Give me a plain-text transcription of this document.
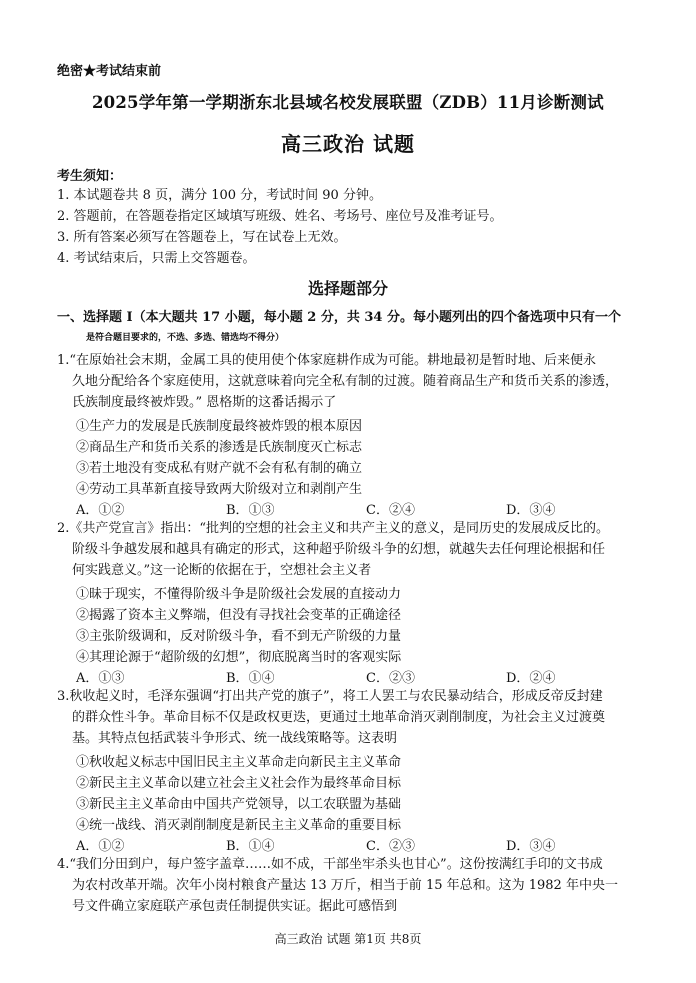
绝密★考试结束前
2025学年第一学期浙东北县域名校发展联盟（ZDB）11月诊断测试
高三政治 试题
考生须知：
1. 本试题卷共 8 页，满分 100 分，考试时间 90 分钟。
2. 答题前，在答题卷指定区域填写班级、姓名、考场号、座位号及准考证号。
3. 所有答案必须写在答题卷上，写在试卷上无效。
4. 考试结束后，只需上交答题卷。
选择题部分
一、选择题 Ⅰ（本大题共 17 小题，每小题 2 分，共 34 分。每小题列出的四个备选项中只有一个
是符合题目要求的，不选、多选、错选均不得分）
1.“在原始社会末期，金属工具的使用使个体家庭耕作成为可能。耕地最初是暂时地、后来便永
久地分配给各个家庭使用，这就意味着向完全私有制的过渡。随着商品生产和货币关系的渗透，
氏族制度最终被炸毁。” 恩格斯的这番话揭示了
①生产力的发展是氏族制度最终被炸毁的根本原因
②商品生产和货币关系的渗透是氏族制度灭亡标志
③若土地没有变成私有财产就不会有私有制的确立
④劳动工具革新直接导致两大阶级对立和剥削产生
A．①②	B．①③	C．②④	D．③④
2.《共产党宣言》指出：“批判的空想的社会主义和共产主义的意义，是同历史的发展成反比的。
阶级斗争越发展和越具有确定的形式，这种超乎阶级斗争的幻想，就越失去任何理论根据和任
何实践意义。”这一论断的依据在于，空想社会主义者
①昧于现实，不懂得阶级斗争是阶级社会发展的直接动力
②揭露了资本主义弊端，但没有寻找社会变革的正确途径
③主张阶级调和，反对阶级斗争，看不到无产阶级的力量
④其理论源于“超阶级的幻想”，彻底脱离当时的客观实际
A．①③	B．①④	C．②③	D．②④
3.秋收起义时，毛泽东强调“打出共产党的旗子”，将工人罢工与农民暴动结合，形成反帝反封建
的群众性斗争。革命目标不仅是政权更迭，更通过土地革命消灭剥削制度，为社会主义过渡奠
基。其特点包括武装斗争形式、统一战线策略等。这表明
①秋收起义标志中国旧民主主义革命走向新民主主义革命
②新民主主义革命以建立社会主义社会作为最终革命目标
③新民主主义革命由中国共产党领导，以工农联盟为基础
④统一战线、消灭剥削制度是新民主主义革命的重要目标
A．①②	B．①④	C．②③	D．③④
4.“我们分田到户，每户签字盖章……如不成，干部坐牢杀头也甘心”。这份按满红手印的文书成
为农村改革开端。次年小岗村粮食产量达 13 万斤，相当于前 15 年总和。这为 1982 年中央一
号文件确立家庭联产承包责任制提供实证。据此可感悟到
高三政治 试题 第1页 共8页
